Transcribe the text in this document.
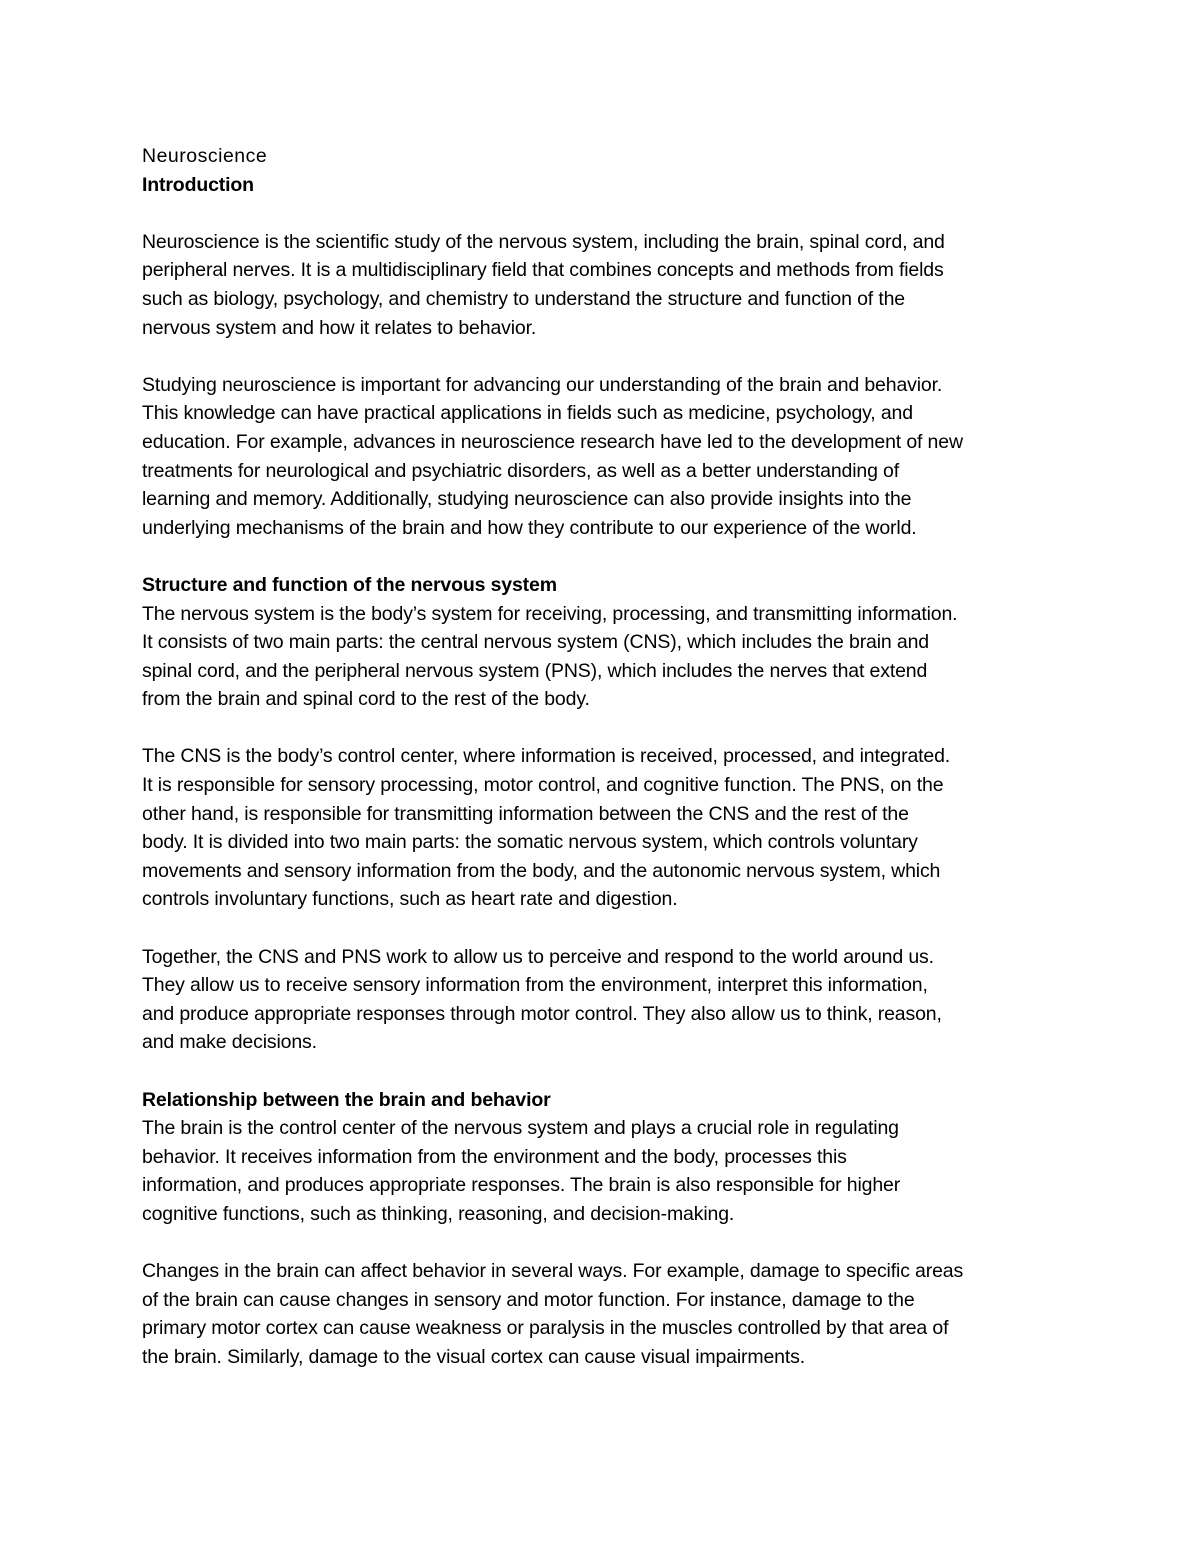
Neuroscience
Introduction
Neuroscience is the scientific study of the nervous system, including the brain, spinal cord, and
peripheral nerves. It is a multidisciplinary field that combines concepts and methods from fields
such as biology, psychology, and chemistry to understand the structure and function of the
nervous system and how it relates to behavior.
Studying neuroscience is important for advancing our understanding of the brain and behavior.
This knowledge can have practical applications in fields such as medicine, psychology, and
education. For example, advances in neuroscience research have led to the development of new
treatments for neurological and psychiatric disorders, as well as a better understanding of
learning and memory. Additionally, studying neuroscience can also provide insights into the
underlying mechanisms of the brain and how they contribute to our experience of the world.
Structure and function of the nervous system
The nervous system is the body’s system for receiving, processing, and transmitting information.
It consists of two main parts: the central nervous system (CNS), which includes the brain and
spinal cord, and the peripheral nervous system (PNS), which includes the nerves that extend
from the brain and spinal cord to the rest of the body.
The CNS is the body’s control center, where information is received, processed, and integrated.
It is responsible for sensory processing, motor control, and cognitive function. The PNS, on the
other hand, is responsible for transmitting information between the CNS and the rest of the
body. It is divided into two main parts: the somatic nervous system, which controls voluntary
movements and sensory information from the body, and the autonomic nervous system, which
controls involuntary functions, such as heart rate and digestion.
Together, the CNS and PNS work to allow us to perceive and respond to the world around us.
They allow us to receive sensory information from the environment, interpret this information,
and produce appropriate responses through motor control. They also allow us to think, reason,
and make decisions.
Relationship between the brain and behavior
The brain is the control center of the nervous system and plays a crucial role in regulating
behavior. It receives information from the environment and the body, processes this
information, and produces appropriate responses. The brain is also responsible for higher
cognitive functions, such as thinking, reasoning, and decision-making.
Changes in the brain can affect behavior in several ways. For example, damage to specific areas
of the brain can cause changes in sensory and motor function. For instance, damage to the
primary motor cortex can cause weakness or paralysis in the muscles controlled by that area of
the brain. Similarly, damage to the visual cortex can cause visual impairments.
